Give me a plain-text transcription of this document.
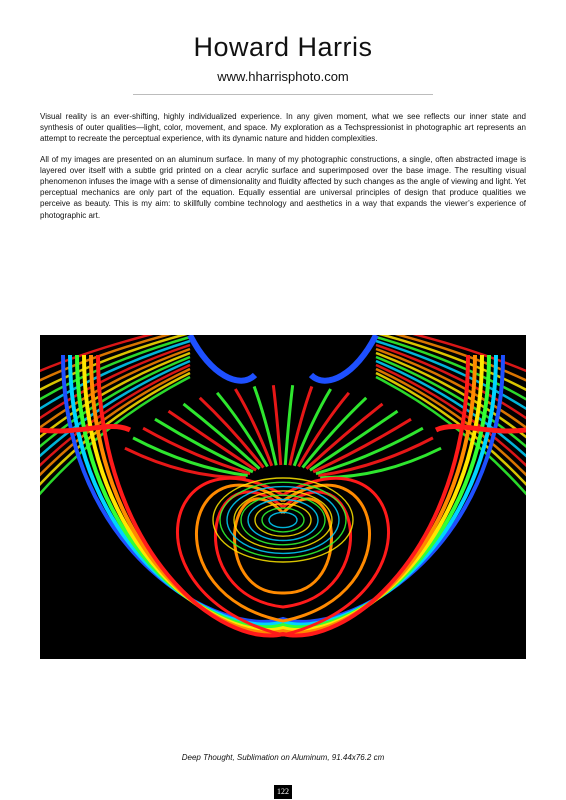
Howard Harris
www.hharrisphoto.com

Visual reality is an ever-shifting, highly individualized experience. In any given moment, what we see reflects our inner state and synthesis of outer qualities—light, color, movement, and space. My exploration as a Techspressionist in photographic art represents an attempt to recreate the perceptual experience, with its dynamic nature and hidden complexities.

All of my images are presented on an aluminum surface. In many of my photographic constructions, a single, often abstracted image is layered over itself with a subtle grid printed on a clear acrylic surface and superimposed over the base image. The resulting visual phenomenon infuses the image with a sense of dimensionality and fluidity affected by such changes as the angle of viewing and light. Yet perceptual mechanics are only part of the equation. Equally essential are universal principles of design that produce qualities we perceive as beauty. This is my aim: to skillfully combine technology and aesthetics in a way that expands the viewer’s experience of photographic art.

Deep Thought, Sublimation on Aluminum, 91.44x76.2 cm
122
